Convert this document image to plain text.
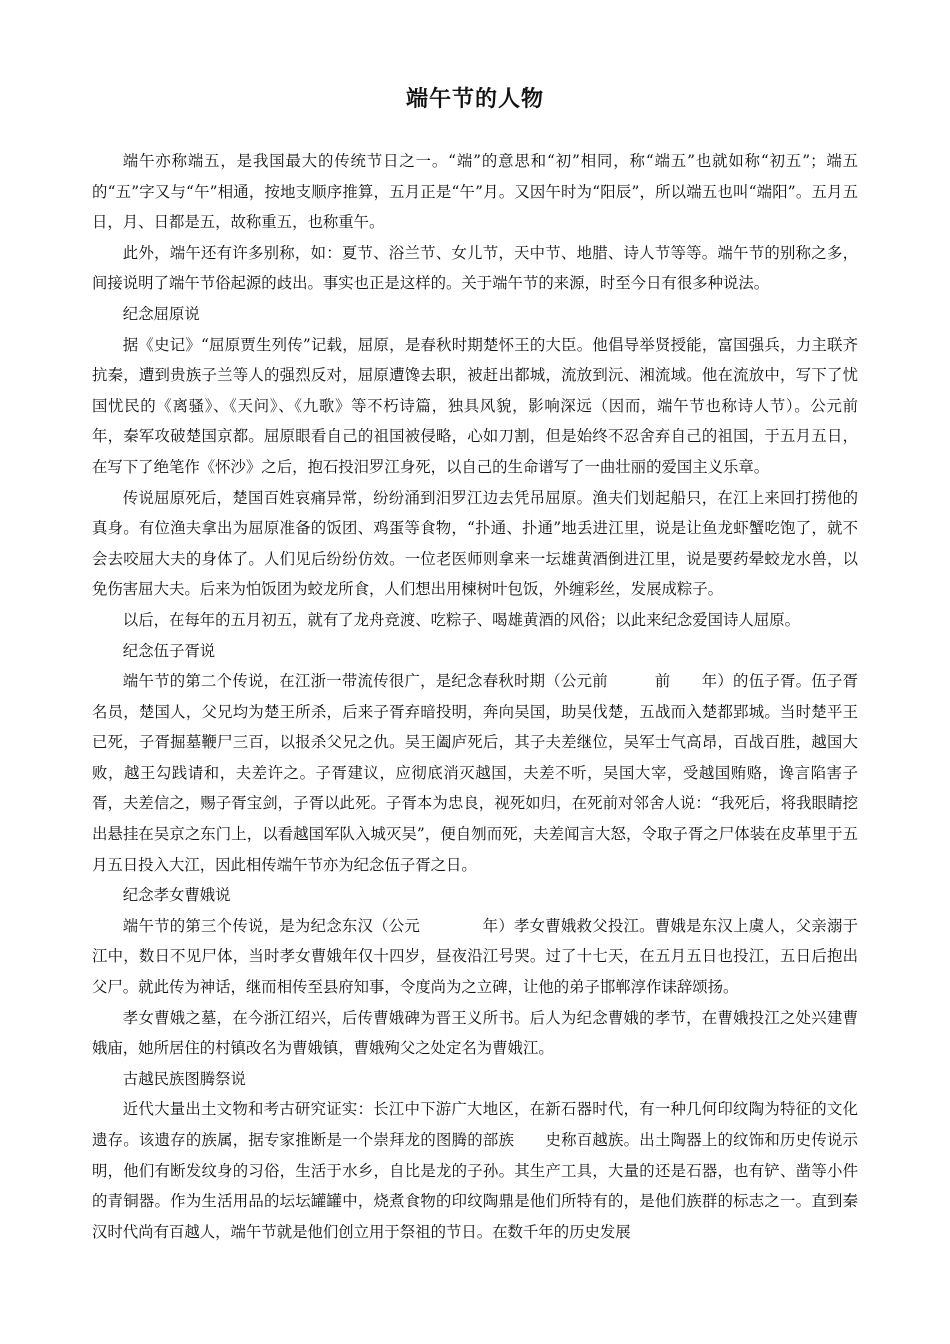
端午节的人物

端午亦称端五，是我国最大的传统节日之一。“端”的意思和“初”相同，称“端五”也就如称“初五”；端五的“五”字又与“午”相通，按地支顺序推算，五月正是“午”月。又因午时为“阳辰”，所以端五也叫“端阳”。五月五日，月、日都是五，故称重五，也称重午。

此外，端午还有许多别称，如：夏节、浴兰节、女儿节，天中节、地腊、诗人节等等。端午节的别称之多，间接说明了端午节俗起源的歧出。事实也正是这样的。关于端午节的来源，时至今日有很多种说法。

纪念屈原说

据《史记》“屈原贾生列传”记载，屈原，是春秋时期楚怀王的大臣。他倡导举贤授能，富国强兵，力主联齐抗秦，遭到贵族子兰等人的强烈反对，屈原遭馋去职，被赶出都城，流放到沅、湘流域。他在流放中，写下了忧国忧民的《离骚》、《天问》、《九歌》等不朽诗篇，独具风貌，影响深远（因而，端午节也称诗人节）。公元前　　年，秦军攻破楚国京都。屈原眼看自己的祖国被侵略，心如刀割，但是始终不忍舍弃自己的祖国，于五月五日，在写下了绝笔作《怀沙》之后，抱石投汨罗江身死，以自己的生命谱写了一曲壮丽的爱国主义乐章。

传说屈原死后，楚国百姓哀痛异常，纷纷涌到汨罗江边去凭吊屈原。渔夫们划起船只，在江上来回打捞他的真身。有位渔夫拿出为屈原准备的饭团、鸡蛋等食物，“扑通、扑通”地丢进江里，说是让鱼龙虾蟹吃饱了，就不会去咬屈大夫的身体了。人们见后纷纷仿效。一位老医师则拿来一坛雄黄酒倒进江里，说是要药晕蛟龙水兽，以免伤害屈大夫。后来为怕饭团为蛟龙所食，人们想出用楝树叶包饭，外缠彩丝，发展成粽子。

以后，在每年的五月初五，就有了龙舟竞渡、吃粽子、喝雄黄酒的风俗；以此来纪念爱国诗人屈原。

纪念伍子胥说

端午节的第二个传说，在江浙一带流传很广，是纪念春秋时期（公元前　　　前　　年）的伍子胥。伍子胥名员，楚国人，父兄均为楚王所杀，后来子胥弃暗投明，奔向吴国，助吴伐楚，五战而入楚都郢城。当时楚平王已死，子胥掘墓鞭尸三百，以报杀父兄之仇。吴王阖庐死后，其子夫差继位，吴军士气高昂，百战百胜，越国大败，越王勾践请和，夫差许之。子胥建议，应彻底消灭越国，夫差不听，吴国大宰，受越国贿赂，谗言陷害子胥，夫差信之，赐子胥宝剑，子胥以此死。子胥本为忠良，视死如归，在死前对邻舍人说：“我死后，将我眼睛挖出悬挂在吴京之东门上，以看越国军队入城灭吴”，便自刎而死，夫差闻言大怒，令取子胥之尸体装在皮革里于五月五日投入大江，因此相传端午节亦为纪念伍子胥之日。

纪念孝女曹娥说

端午节的第三个传说，是为纪念东汉（公元　　　　年）孝女曹娥救父投江。曹娥是东汉上虞人，父亲溺于江中，数日不见尸体，当时孝女曹娥年仅十四岁，昼夜沿江号哭。过了十七天，在五月五日也投江，五日后抱出父尸。就此传为神话，继而相传至县府知事，令度尚为之立碑，让他的弟子邯郸淳作诔辞颂扬。

孝女曹娥之墓，在今浙江绍兴，后传曹娥碑为晋王义所书。后人为纪念曹娥的孝节，在曹娥投江之处兴建曹娥庙，她所居住的村镇改名为曹娥镇，曹娥殉父之处定名为曹娥江。

古越民族图腾祭说

近代大量出土文物和考古研究证实：长江中下游广大地区，在新石器时代，有一种几何印纹陶为特征的文化遗存。该遗存的族属，据专家推断是一个崇拜龙的图腾的部族　　史称百越族。出土陶器上的纹饰和历史传说示明，他们有断发纹身的习俗，生活于水乡，自比是龙的子孙。其生产工具，大量的还是石器，也有铲、凿等小件的青铜器。作为生活用品的坛坛罐罐中，烧煮食物的印纹陶鼎是他们所特有的，是他们族群的标志之一。直到秦汉时代尚有百越人，端午节就是他们创立用于祭祖的节日。在数千年的历史发展
